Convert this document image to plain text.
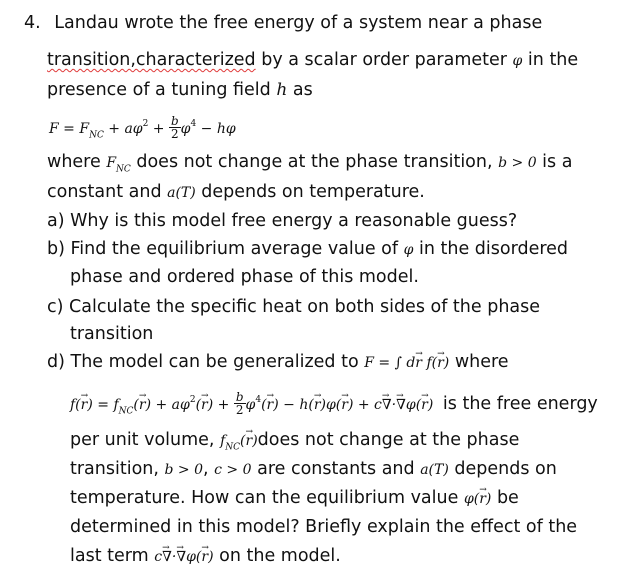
4. Landau wrote the free energy of a system near a phase
transition,characterized by a scalar order parameter φ in the
presence of a tuning field h as
$F = F_{NC} + a\varphi^2 + \frac{b}{2} \varphi^4 - h\varphi$
where $F_{NC}$ does not change at the phase transition, b > 0 is a
constant and a(T) depends on temperature.
a) Why is this model free energy a reasonable guess?
b) Find the equilibrium average value of φ in the disordered
phase and ordered phase of this model.
c) Calculate the specific heat on both sides of the phase
transition
d) The model can be generalized to F = ∫ dr → f(r →) where
f(r →) = $f_{NC}(r$ →) + $a\varphi^2(r$ →) + $\frac{b}{2} \varphi^4(r$ →) − h(r →)φ(r →) + c∇ →·∇ →φ(r →) is the free energy
per unit volume, $f_{NC}(r$ →)does not change at the phase
transition, b > 0, c > 0 are constants and a(T) depends on
temperature. How can the equilibrium value φ(r →) be
determined in this model? Briefly explain the effect of the
last term c∇ →·∇ →φ(r →) on the model.
